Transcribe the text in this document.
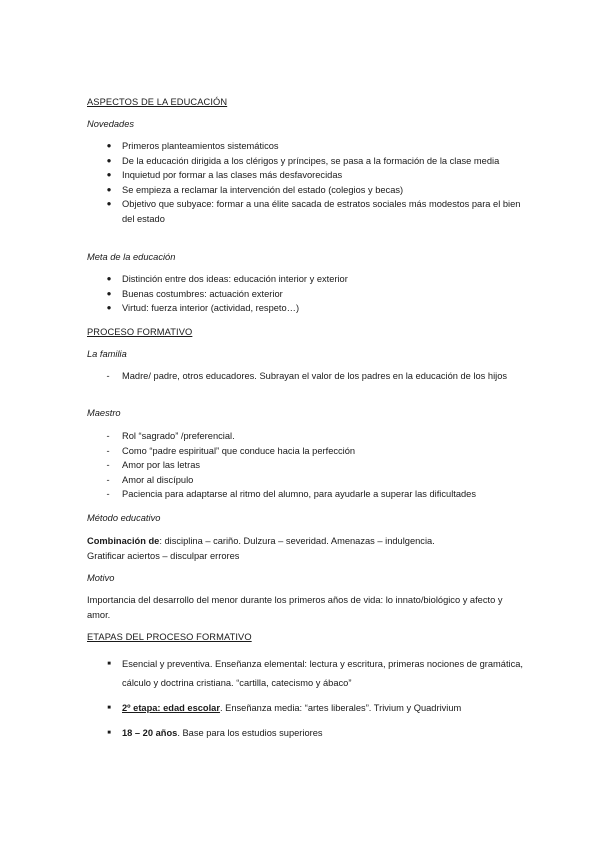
ASPECTOS DE LA EDUCACIÓN
Novedades
●	Primeros planteamientos sistemáticos
●	De la educación dirigida a los clérigos y príncipes, se pasa a la formación de la clase media
●	Inquietud por formar a las clases más desfavorecidas
●	Se empieza a reclamar la intervención del estado (colegios y becas)
●	Objetivo que subyace: formar a una élite sacada de estratos sociales más modestos para el bien del estado
Meta de la educación
●	Distinción entre dos ideas: educación interior y exterior
●	Buenas costumbres: actuación exterior
●	Virtud: fuerza interior (actividad, respeto…)
PROCESO FORMATIVO
La familia
-	Madre/ padre, otros educadores. Subrayan el valor de los padres en la educación de los hijos
Maestro
-	Rol “sagrado” /preferencial.
-	Como “padre espiritual” que conduce hacia la perfección
-	Amor por las letras
-	Amor al discípulo
-	Paciencia para adaptarse al ritmo del alumno, para ayudarle a superar las dificultades
Método educativo
Combinación de: disciplina – cariño. Dulzura – severidad. Amenazas – indulgencia.
Gratificar aciertos – disculpar errores
Motivo
Importancia del desarrollo del menor durante los primeros años de vida: lo innato/biológico y afecto y amor.
ETAPAS DEL PROCESO FORMATIVO
■	Esencial y preventiva. Enseñanza elemental: lectura y escritura, primeras nociones de gramática, cálculo y doctrina cristiana. “cartilla, catecismo y ábaco”
■	2º etapa: edad escolar. Enseñanza media: “artes liberales”. Trivium y Quadrivium
■	18 – 20 años. Base para los estudios superiores
